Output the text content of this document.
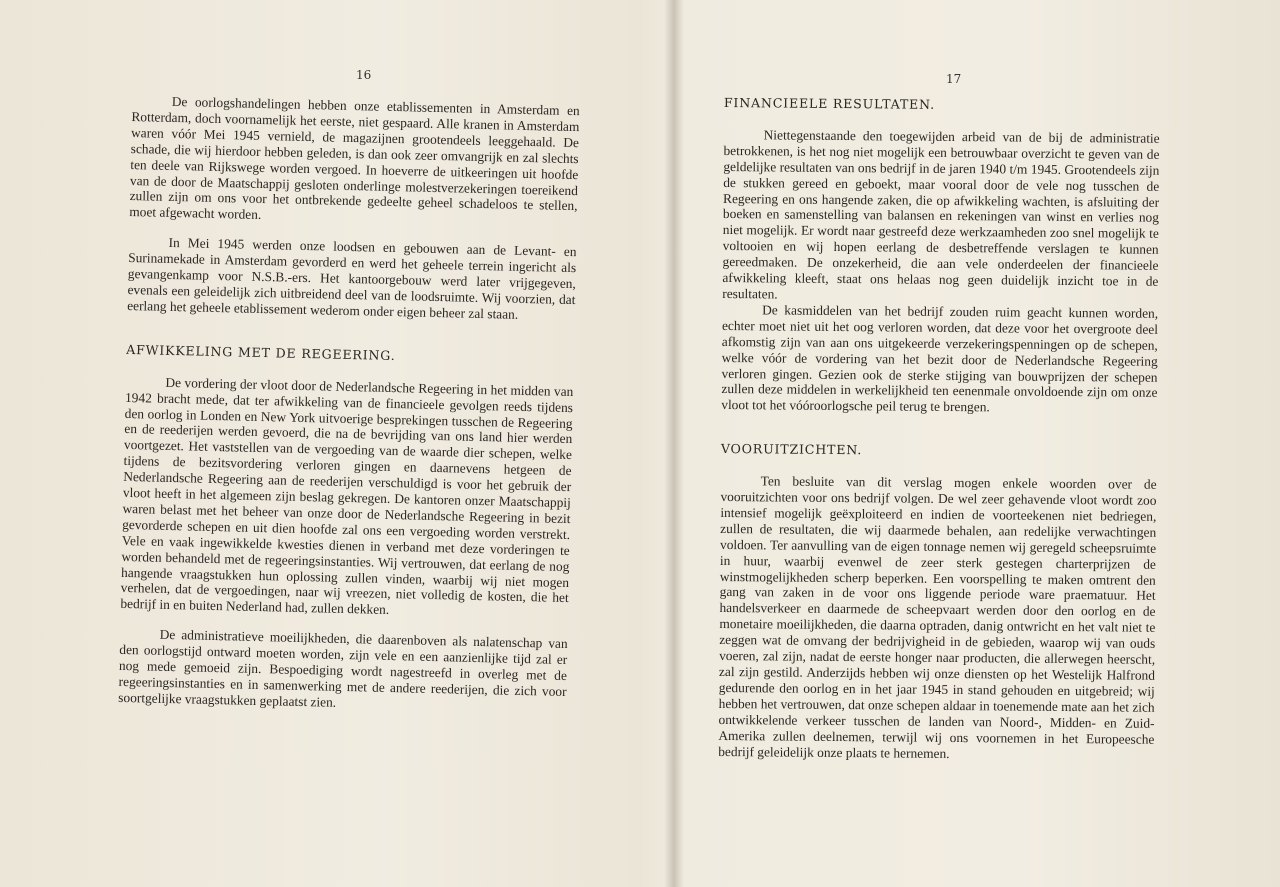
16

De oorlogshandelingen hebben onze etablissementen in Amsterdam en Rotterdam, doch voornamelijk het eerste, niet gespaard. Alle kranen in Amsterdam waren vóór Mei 1945 vernield, de magazijnen grootendeels leeggehaald. De schade, die wij hierdoor hebben geleden, is dan ook zeer omvangrijk en zal slechts ten deele van Rijkswege worden vergoed. In hoeverre de uitkeeringen uit hoofde van de door de Maatschappij gesloten onderlinge molestverzekeringen toereikend zullen zijn om ons voor het ontbrekende gedeelte geheel schadeloos te stellen, moet afgewacht worden.

In Mei 1945 werden onze loodsen en gebouwen aan de Levant- en Surinamekade in Amsterdam gevorderd en werd het geheele terrein ingericht als gevangenkamp voor N.S.B.-ers. Het kantoorgebouw werd later vrijgegeven, evenals een geleidelijk zich uitbreidend deel van de loodsruimte. Wij voorzien, dat eerlang het geheele etablissement wederom onder eigen beheer zal staan.

AFWIKKELING MET DE REGEERING.

De vordering der vloot door de Nederlandsche Regeering in het midden van 1942 bracht mede, dat ter afwikkeling van de financieele gevolgen reeds tijdens den oorlog in Londen en New York uitvoerige besprekingen tusschen de Regeering en de reederijen werden gevoerd, die na de bevrijding van ons land hier werden voortgezet. Het vaststellen van de vergoeding van de waarde dier schepen, welke tijdens de bezitsvordering verloren gingen en daarnevens hetgeen de Nederlandsche Regeering aan de reederijen verschuldigd is voor het gebruik der vloot heeft in het algemeen zijn beslag gekregen. De kantoren onzer Maatschappij waren belast met het beheer van onze door de Nederlandsche Regeering in bezit gevorderde schepen en uit dien hoofde zal ons een vergoeding worden verstrekt. Vele en vaak ingewikkelde kwesties dienen in verband met deze vorderingen te worden behandeld met de regeeringsinstanties. Wij vertrouwen, dat eerlang de nog hangende vraagstukken hun oplossing zullen vinden, waarbij wij niet mogen verhelen, dat de vergoedingen, naar wij vreezen, niet volledig de kosten, die het bedrijf in en buiten Nederland had, zullen dekken.

De administratieve moeilijkheden, die daarenboven als nalatenschap van den oorlogstijd ontward moeten worden, zijn vele en een aanzienlijke tijd zal er nog mede gemoeid zijn. Bespoediging wordt nagestreefd in overleg met de regeeringsinstanties en in samenwerking met de andere reederijen, die zich voor soortgelijke vraagstukken geplaatst zien.

17
FINANCIEELE RESULTATEN.

Niettegenstaande den toegewijden arbeid van de bij de administratie betrokkenen, is het nog niet mogelijk een betrouwbaar overzicht te geven van de geldelijke resultaten van ons bedrijf in de jaren 1940 t/m 1945. Grootendeels zijn de stukken gereed en geboekt, maar vooral door de vele nog tusschen de Regeering en ons hangende zaken, die op afwikkeling wachten, is afsluiting der boeken en samenstelling van balansen en rekeningen van winst en verlies nog niet mogelijk. Er wordt naar gestreefd deze werkzaamheden zoo snel mogelijk te voltooien en wij hopen eerlang de desbetreffende verslagen te kunnen gereedmaken. De onzekerheid, die aan vele onderdeelen der financieele afwikkeling kleeft, staat ons helaas nog geen duidelijk inzicht toe in de resultaten.

De kasmiddelen van het bedrijf zouden ruim geacht kunnen worden, echter moet niet uit het oog verloren worden, dat deze voor het overgroote deel afkomstig zijn van aan ons uitgekeerde verzekeringspenningen op de schepen, welke vóór de vordering van het bezit door de Nederlandsche Regeering verloren gingen. Gezien ook de sterke stijging van bouwprijzen der schepen zullen deze middelen in werkelijkheid ten eenenmale onvoldoende zijn om onze vloot tot het vóóroorlogsche peil terug te brengen.

VOORUITZICHTEN.

Ten besluite van dit verslag mogen enkele woorden over de vooruitzichten voor ons bedrijf volgen. De wel zeer gehavende vloot wordt zoo intensief mogelijk geëxploiteerd en indien de voorteekenen niet bedriegen, zullen de resultaten, die wij daarmede behalen, aan redelijke verwachtingen voldoen. Ter aanvulling van de eigen tonnage nemen wij geregeld scheepsruimte in huur, waarbij evenwel de zeer sterk gestegen charterprijzen de winstmogelijkheden scherp beperken. Een voorspelling te maken omtrent den gang van zaken in de voor ons liggende periode ware praematuur. Het handelsverkeer en daarmede de scheepvaart werden door den oorlog en de monetaire moeilijkheden, die daarna optraden, danig ontwricht en het valt niet te zeggen wat de omvang der bedrijvigheid in de gebieden, waarop wij van ouds voeren, zal zijn, nadat de eerste honger naar producten, die allerwegen heerscht, zal zijn gestild. Anderzijds hebben wij onze diensten op het Westelijk Halfrond gedurende den oorlog en in het jaar 1945 in stand gehouden en uitgebreid; wij hebben het vertrouwen, dat onze schepen aldaar in toenemende mate aan het zich ontwikkelende verkeer tusschen de landen van Noord-, Midden- en Zuid-Amerika zullen deelnemen, terwijl wij ons voornemen in het Europeesche bedrijf geleidelijk onze plaats te hernemen.
